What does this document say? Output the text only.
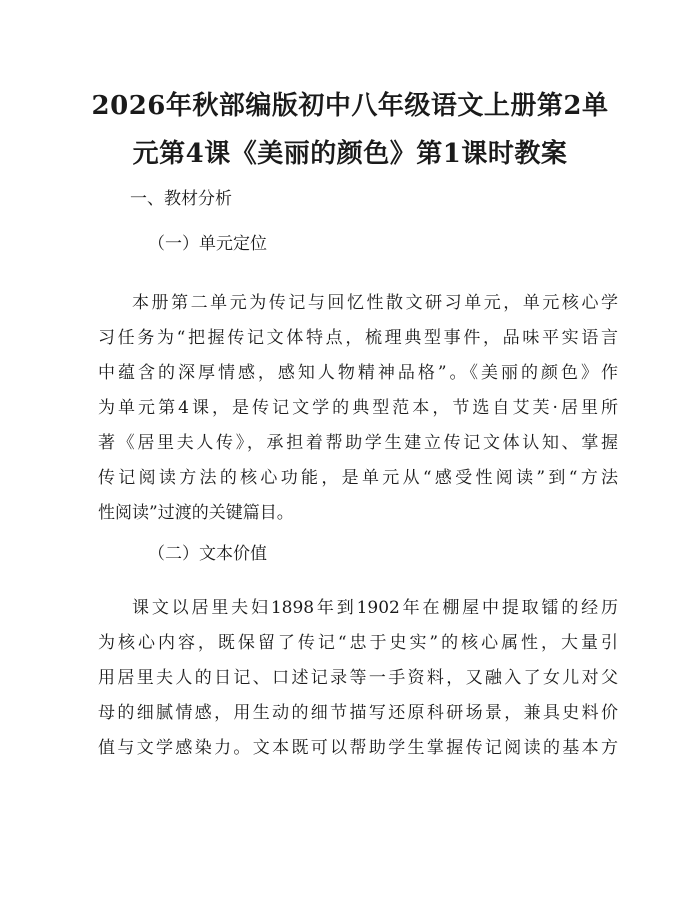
2026年秋部编版初中八年级语文上册第2单
元第4课《美丽的颜色》第1课时教案

一、教材分析

（一）单元定位

本册第二单元为传记与回忆性散文研习单元，单元核心学
习任务为“把握传记文体特点，梳理典型事件，品味平实语言
中蕴含的深厚情感，感知人物精神品格”。《美丽的颜色》作
为单元第4课，是传记文学的典型范本，节选自艾芙·居里所
著《居里夫人传》，承担着帮助学生建立传记文体认知、掌握
传记阅读方法的核心功能，是单元从“感受性阅读”到“方法
性阅读”过渡的关键篇目。

（二）文本价值

课文以居里夫妇1898年到1902年在棚屋中提取镭的经历
为核心内容，既保留了传记“忠于史实”的核心属性，大量引
用居里夫人的日记、口述记录等一手资料，又融入了女儿对父
母的细腻情感，用生动的细节描写还原科研场景，兼具史料价
值与文学感染力。文本既可以帮助学生掌握传记阅读的基本方
